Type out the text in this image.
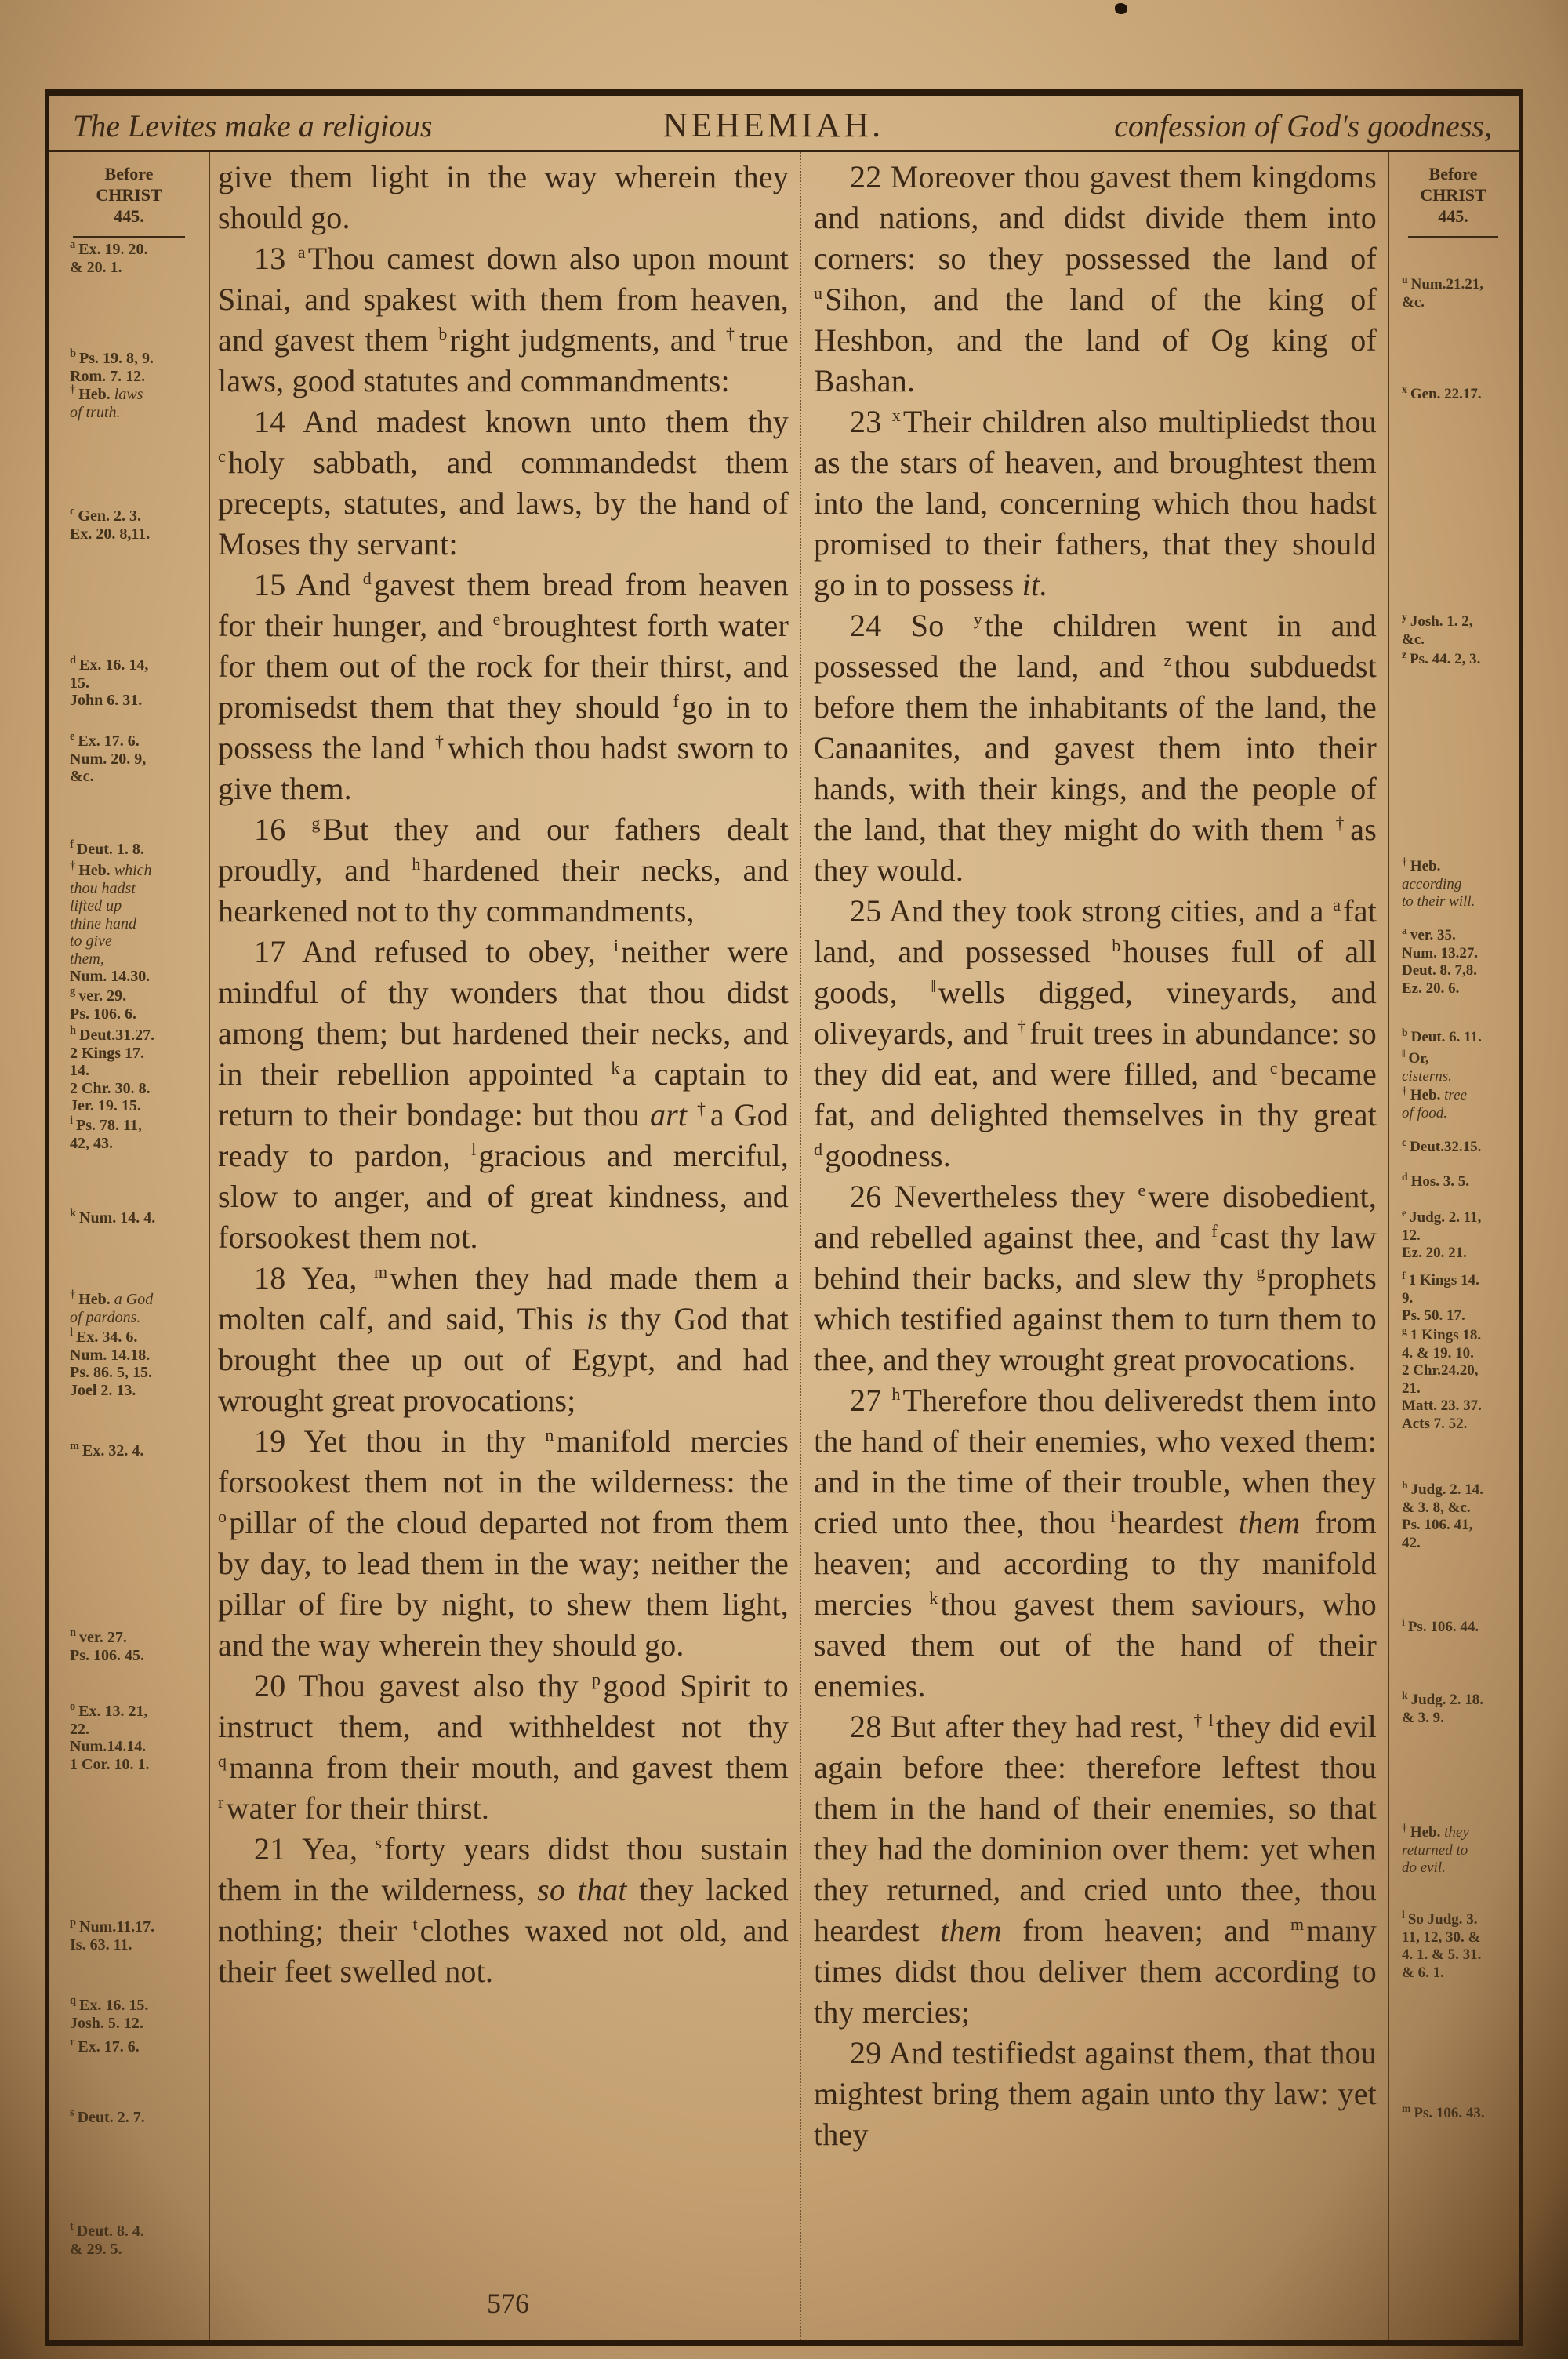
The Levites make a religious	NEHEMIAH.	confession of God's goodness,
Before
CHRIST
445.
$^a$ Ex. 19. 20.
& 20. 1.
$^b$ Ps. 19. 8, 9.
Rom. 7. 12.
† Heb. laws
of truth.
$^c$ Gen. 2. 3.
Ex. 20. 8,11.
$^d$ Ex. 16. 14,
15.
John 6. 31.
$^e$ Ex. 17. 6.
Num. 20. 9,
&c.
$^f$ Deut. 1. 8.
† Heb. which
thou hadst
lifted up
thine hand
to give
them,
Num. 14.30.
$^g$ ver. 29.
Ps. 106. 6.
$^h$ Deut.31.27.
2 Kings 17.
14.
2 Chr. 30. 8.
Jer. 19. 15.
$^i$ Ps. 78. 11,
42, 43.
$^k$ Num. 14. 4.
† Heb. a God
of pardons.
$^l$ Ex. 34. 6.
Num. 14.18.
Ps. 86. 5, 15.
Joel 2. 13.
$^m$ Ex. 32. 4.
$^n$ ver. 27.
Ps. 106. 45.
$^o$ Ex. 13. 21,
22.
Num.14.14.
1 Cor. 10. 1.
$^p$ Num.11.17.
Is. 63. 11.
$^q$ Ex. 16. 15.
Josh. 5. 12.
$^r$ Ex. 17. 6.
$^s$ Deut. 2. 7.
$^t$ Deut. 8. 4.
& 29. 5.

give them light in the way wherein they should go.

13 $^a$Thou camest down also upon mount Sinai, and spakest with them from heaven, and gavest them $^b$right judgments, and †true laws, good statutes and commandments:

14 And madest known unto them thy $^c$holy sabbath, and commandedst them precepts, statutes, and laws, by the hand of Moses thy servant:

15 And $^d$gavest them bread from heaven for their hunger, and $^e$broughtest forth water for them out of the rock for their thirst, and promisedst them that they should $^f$go in to possess the land †which thou hadst sworn to give them.

16 $^g$But they and our fathers dealt proudly, and $^h$hardened their necks, and hearkened not to thy commandments,

17 And refused to obey, $^i$neither were mindful of thy wonders that thou didst among them; but hardened their necks, and in their rebellion appointed $^k$a captain to return to their bondage: but thou art †a God ready to pardon, $^l$gracious and merciful, slow to anger, and of great kindness, and forsookest them not.

18 Yea, $^m$when they had made them a molten calf, and said, This is thy God that brought thee up out of Egypt, and had wrought great provocations;

19 Yet thou in thy $^n$manifold mercies forsookest them not in the wilderness: the $^o$pillar of the cloud departed not from them by day, to lead them in the way; neither the pillar of fire by night, to shew them light, and the way wherein they should go.

20 Thou gavest also thy $^p$good Spirit to instruct them, and withheldest not thy $^q$manna from their mouth, and gavest them $^r$water for their thirst.

21 Yea, $^s$forty years didst thou sustain them in the wilderness, so that they lacked nothing; their $^t$clothes waxed not old, and their feet swelled not.

22 Moreover thou gavest them kingdoms and nations, and didst divide them into corners: so they possessed the land of $^u$Sihon, and the land of the king of Heshbon, and the land of Og king of Bashan.

23 $^x$Their children also multipliedst thou as the stars of heaven, and broughtest them into the land, concerning which thou hadst promised to their fathers, that they should go in to possess it.

24 So $^y$the children went in and possessed the land, and $^z$thou subduedst before them the inhabitants of the land, the Canaanites, and gavest them into their hands, with their kings, and the people of the land, that they might do with them †as they would.

25 And they took strong cities, and a $^a$fat land, and possessed $^b$houses full of all goods, ‖wells digged, vineyards, and oliveyards, and †fruit trees in abundance: so they did eat, and were filled, and $^c$became fat, and delighted themselves in thy great $^d$goodness.

26 Nevertheless they $^e$were disobedient, and rebelled against thee, and $^f$cast thy law behind their backs, and slew thy $^g$prophets which testified against them to turn them to thee, and they wrought great provocations.

27 $^h$Therefore thou deliveredst them into the hand of their enemies, who vexed them: and in the time of their trouble, when they cried unto thee, thou $^i$heardest them from heaven; and according to thy manifold mercies $^k$thou gavest them saviours, who saved them out of the hand of their enemies.

28 But after they had rest, $^{\dagger l}$they did evil again before thee: therefore leftest thou them in the hand of their enemies, so that they had the dominion over them: yet when they returned, and cried unto thee, thou heardest them from heaven; and $^m$many times didst thou deliver them according to thy mercies;

29 And testifiedst against them, that thou mightest bring them again unto thy law: yet they

Before
CHRIST
445.
$^u$ Num.21.21,
&c.
$^x$ Gen. 22.17.
$^y$ Josh. 1. 2,
&c.
$^z$ Ps. 44. 2, 3.
† Heb.
according
to their will.
$^a$ ver. 35.
Num. 13.27.
Deut. 8. 7,8.
Ez. 20. 6.
$^b$ Deut. 6. 11.
‖ Or,
cisterns.
† Heb. tree
of food.
$^c$ Deut.32.15.
$^d$ Hos. 3. 5.
$^e$ Judg. 2. 11,
12.
Ez. 20. 21.
$^f$ 1 Kings 14.
9.
Ps. 50. 17.
$^g$ 1 Kings 18.
4. & 19. 10.
2 Chr.24.20,
21.
Matt. 23. 37.
Acts 7. 52.
$^h$ Judg. 2. 14.
& 3. 8, &c.
Ps. 106. 41,
42.
$^i$ Ps. 106. 44.
$^k$ Judg. 2. 18.
& 3. 9.
† Heb. they
returned to
do evil.
$^l$ So Judg. 3.
11, 12, 30. &
4. 1. & 5. 31.
& 6. 1.
$^m$ Ps. 106. 43.
576
